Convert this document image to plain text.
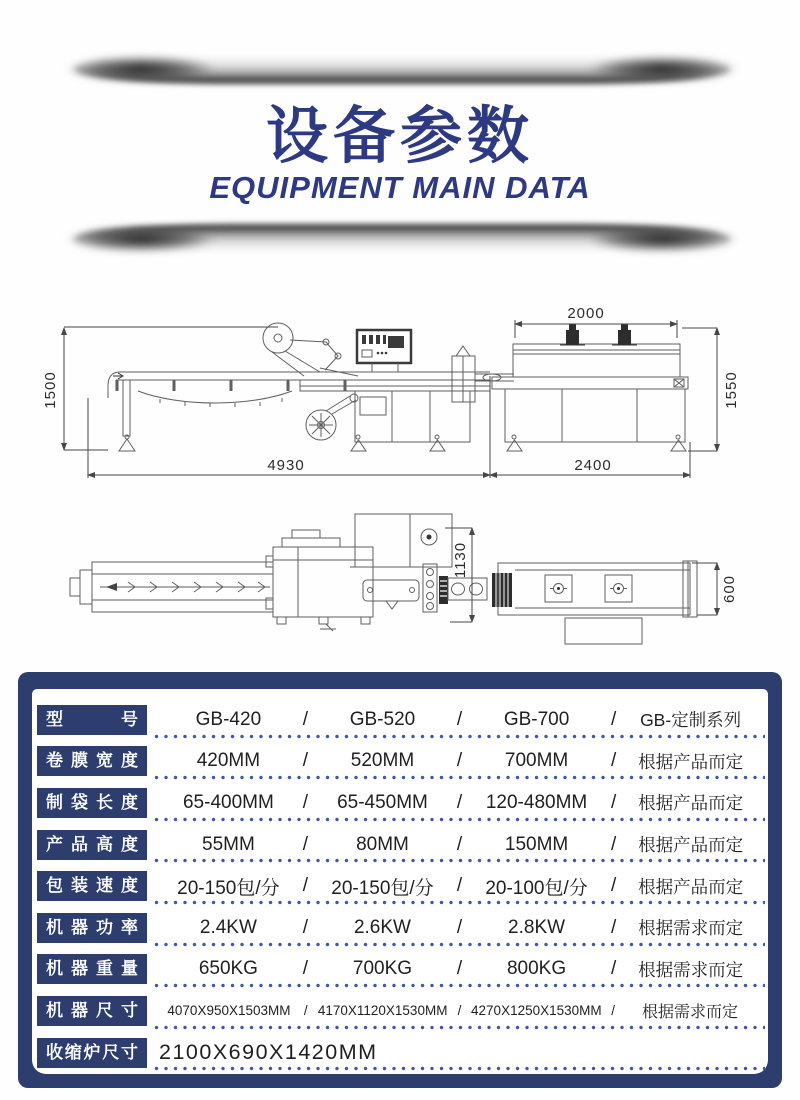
设备参数
EQUIPMENT MAIN DATA
1500
4930	2400
2000
1550
1130
600
型号	GB-420	/	GB-520	/	GB-700	/	GB-定制系列
卷膜宽度	420MM	/	520MM	/	700MM	/	根据产品而定
制袋长度	65-400MM	/	65-450MM	/	120-480MM	/	根据产品而定
产品高度	55MM	/	80MM	/	150MM	/	根据产品而定
包装速度	20-150包/分	/	20-150包/分	/	20-100包/分	/	根据产品而定
机器功率	2.4KW	/	2.6KW	/	2.8KW	/	根据需求而定
机器重量	650KG	/	700KG	/	800KG	/	根据需求而定
机器尺寸	4070X950X1503MM / 4170X1120X1530MM / 4270X1250X1530MM /	根据需求而定
收缩炉尺寸 2100X690X1420MM
